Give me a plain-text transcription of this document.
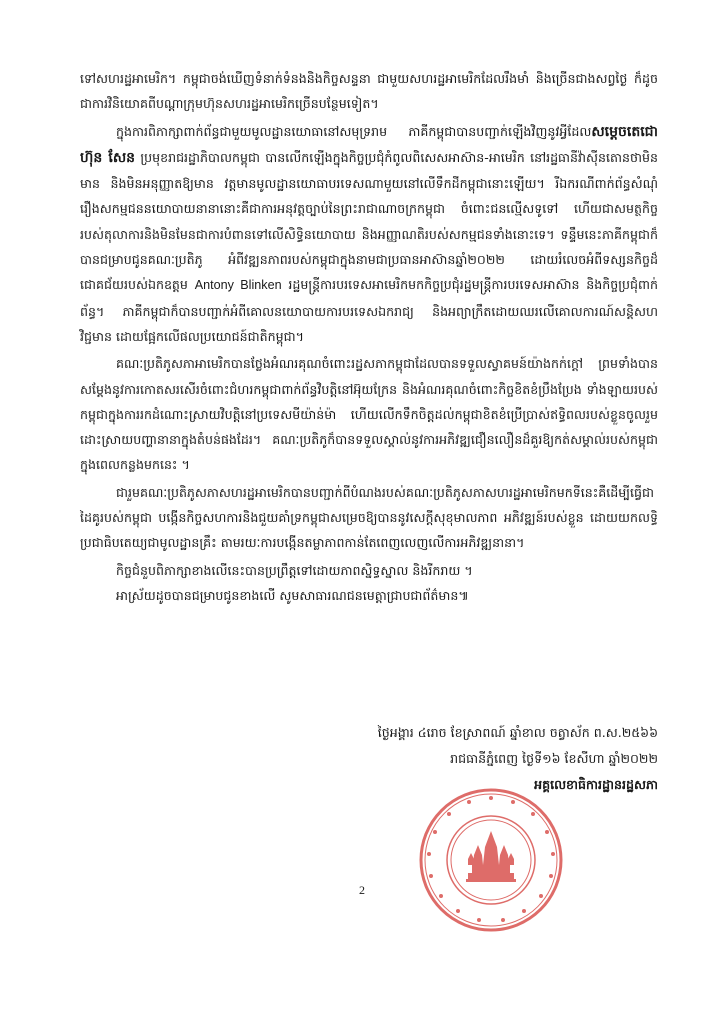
ទៅសហរដ្ឋអាមេរិក។ កម្ពុជាចង់ឃើញទំនាក់ទំនងនិងកិច្ចសន្ទនា ជាមួយសហរដ្ឋអាមេរិកដែលរឹងមាំ និងច្រើនជាងសព្វថ្ងៃ ក៏ដូចជាការវិនិយោគពីបណ្ដាក្រុមហ៊ុនសហរដ្ឋអាមេរិកច្រើនបន្ថែមទៀត។

ក្នុងការពិភាក្សាពាក់ព័ន្ធជាមួយមូលដ្ឋានយោធានៅសមុទ្ររាម ភាគីកម្ពុជាបានបញ្ជាក់ឡើងវិញនូវអ្វីដែលសម្ដេចតេជោ ហ៊ុន សែន ប្រមុខរាជរដ្ឋាភិបាលកម្ពុជា បានលើកឡើងក្នុងកិច្ចប្រជុំកំពូលពិសេសអាស៊ាន-អាមេរិក នៅរដ្ឋធានីវ៉ាស៊ីនតោនថាមិនមាន និងមិនអនុញ្ញាតឱ្យមាន វត្តមានមូលដ្ឋានយោធាបរទេសណាមួយនៅលើទឹកដីកម្ពុជានោះឡើយ។ រីឯករណីពាក់ព័ន្ធសំណុំរឿងសកម្មជននយោបាយនានានោះគឺជាការអនុវត្តច្បាប់នៃព្រះរាជាណាចក្រកម្ពុជា ចំពោះជនល្មើសទូទៅ ហើយជាសមត្ថកិច្ចរបស់តុលាការនិងមិនមែនជាការបំពានទៅលើសិទ្ធិនយោបាយ និងអញ្ញាណតិរបស់សកម្មជនទាំងនោះទេ។ ទន្ទឹមនេះភាគីកម្ពុជាក៏បានជម្រាបជូនគណៈប្រតិភូ អំពីវឌ្ឍនភាពរបស់កម្ពុជាក្នុងនាមជាប្រធានអាស៊ានឆ្នាំ២០២២ ដោយរំលេចអំពីទស្សនកិច្ចដ៏ជោគជ័យរបស់ឯកឧត្ដម Antony Blinken រដ្ឋមន្ដ្រីការបរទេសអាមេរិកមកកិច្ចប្រជុំរដ្ឋមន្ដ្រីការបរទេសអាស៊ាន និងកិច្ចប្រជុំពាក់ព័ន្ធ។ ភាគីកម្ពុជាក៏បានបញ្ជាក់អំពីគោលនយោបាយការបរទេសឯករាជ្យ និងអព្យាក្រឹតដោយឈរលើគោលការណ៍សន្តិសហវិជ្ជមាន ដោយផ្អែកលើផលប្រយោជន៍ជាតិកម្ពុជា។

គណៈប្រតិភូសភាអាមេរិកបានថ្លែងអំណរគុណចំពោះរដ្ឋសភាកម្ពុជាដែលបានទទួលស្វាគមន៍យ៉ាងកក់ក្ដៅ ព្រមទាំងបានសម្ដែងនូវការកោតសរសើរចំពោះជំហរកម្ពុជាពាក់ព័ន្ធវិបត្តិនៅអ៊ុយក្រែន និងអំណរគុណចំពោះកិច្ចខិតខំប្រឹងប្រែង ទាំងឡាយរបស់កម្ពុជាក្នុងការរកដំណោះស្រាយវិបត្តិនៅប្រទេសមីយ៉ាន់ម៉ា ហើយលើកទឹកចិត្តដល់កម្ពុជាខិតខំប្រើប្រាស់ឥទ្ធិពលរបស់ខ្លួនចូលរួមដោះស្រាយបញ្ហានានាក្នុងតំបន់ផងដែរ។ គណៈប្រតិភូក៏បានទទួលស្គាល់នូវការអភិវឌ្ឍជឿនលឿនដ៏គួរឱ្យកត់សម្គាល់របស់កម្ពុជាក្នុងពេលកន្លងមកនេះ ។

ជារួមគណៈប្រតិភូសភាសហរដ្ឋអាមេរិកបានបញ្ជាក់ពីបំណងរបស់គណៈប្រតិភូសភាសហរដ្ឋអាមេរិកមកទីនេះគឺដើម្បីធ្វើជាដៃគូរបស់កម្ពុជា បង្កើនកិច្ចសហការនិងជួយគាំទ្រកម្ពុជាសម្រេចឱ្យបាននូវសេក្ដីសុខុមាលភាព អភិវឌ្ឍន៍របស់ខ្លួន ដោយយកលទ្ធិប្រជាធិបតេយ្យជាមូលដ្ឋានគ្រឹះ តាមរយៈការបង្កើនតម្លាភាពកាន់តែពេញលេញលើការអភិវឌ្ឍនានា។

កិច្ចជំនួបពិភាក្សាខាងលើនេះបានប្រព្រឹត្តទៅដោយភាពស្និទ្ធស្នាល និងរីករាយ ។

អាស្រ័យដូចបានជម្រាបជូនខាងលើ សូមសាធារណជនមេត្តាជ្រាបជាព័ត៌មាន៕

ថ្ងៃអង្គារ ៤រោច ខែស្រាពណ៍ ឆ្នាំខាល ចត្វាស័ក ព.ស.២៥៦៦
រាជធានីភ្នំពេញ ថ្ងៃទី១៦ ខែសីហា ឆ្នាំ២០២២
អគ្គលេខាធិការដ្ឋានរដ្ឋសភា
2
